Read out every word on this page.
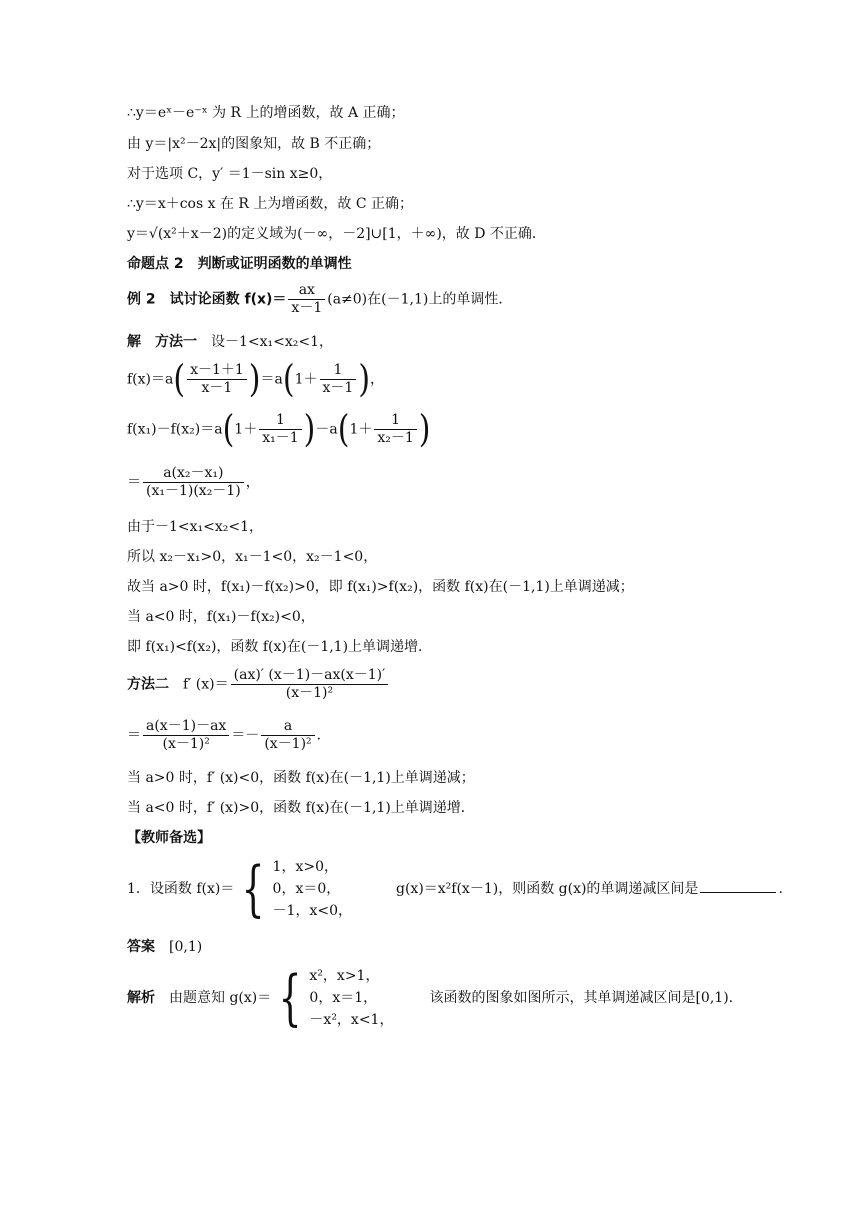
∴y＝eˣ－e⁻ˣ 为 R 上的增函数，故 A 正确；
由 y＝|x²－2x|的图象知，故 B 不正确；
对于选项 C，y′ ＝1－sin x≥0，
∴y＝x＋cos x 在 R 上为增函数，故 C 正确；
y＝√(x²＋x－2)的定义域为(－∞，－2]∪[1，＋∞)，故 D 不正确．
命题点 2　判断或证明函数的单调性
例 2　试讨论函数 $f(x)= \frac{ax}{x-1} (a\ne 0)$在(－1,1)上的单调性．
解　方法一　设－1<x₁<x₂<1，
$f(x)=a( \frac{x-1+1}{x-1} )=a(1+ \frac{1}{x-1}$ )，
$f(x_1)-f(x_2)=a(1+ \frac{1}{\text{x₁－1}} )-a(1+ \frac{1}{\text{x₂－1}}$ )
＝ $\frac{\text{a(x₂－x₁)}}{\text{(x₁－1)(x₂－1)}}$ ，
由于－1<x₁<x₂<1，
所以 x₂－x₁>0，x₁－1<0，x₂－1<0，
故当 a>0 时，f(x₁)－f(x₂)>0，即 f(x₁)>f(x₂)，函数 f(x)在(－1,1)上单调递减；
当 a<0 时，f(x₁)－f(x₂)<0，
即 f(x₁)<f(x₂)，函数 f(x)在(－1,1)上单调递增．
方法二　f′ $(x)= \frac{(ax)' (x-1)-ax(x-1)'}{\text{(x－1)²}}$
＝ $\frac{a(x-1)-ax}{\text{(x－1)²}} =- \frac{a}{\text{(x－1)²}}$ .
当 a>0 时，f′ (x)<0，函数 f(x)在(－1,1)上单调递减；
当 a<0 时，f′ (x)>0，函数 f(x)在(－1,1)上单调递增．
【教师备选】
1．设函数 f(x)＝ { 1，x>0，
0，x＝0，
－1，x<0，
g(x)＝x²f(x－1)，则函数 g(x)的单调递减区间是	.
答案　[0,1)
解析　由题意知 g(x)＝ { x²，x>1，
0，x＝1，
－x²，x<1，
该函数的图象如图所示，其单调递减区间是[0,1).
